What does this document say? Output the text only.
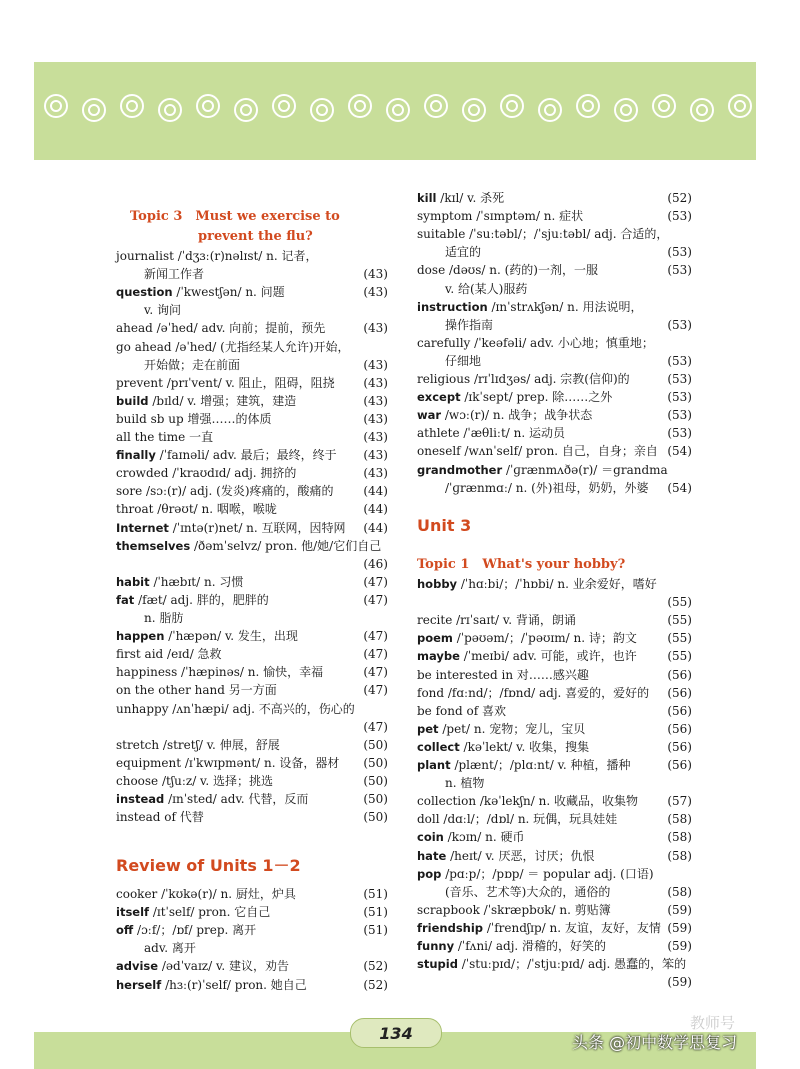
Topic 3　Must we exercise to
prevent the flu?
journalist /ˈdʒɜː(r)nəlɪst/ n. 记者，
新闻工作者	(43)
question /ˈkwestʃən/ n. 问题	(43)
v. 询问
ahead /əˈhed/ adv. 向前；提前，预先	(43)
go ahead /əˈhed/ (尤指经某人允许)开始，
开始做；走在前面	(43)
prevent /prɪˈvent/ v. 阻止，阻碍，阻挠 (43)
build /bɪld/ v. 增强；建筑，建造	(43)
build sb up 增强……的体质	(43)
all the time 一直	(43)
finally /ˈfaɪnəli/ adv. 最后；最终，终于 (43)
crowded /ˈkraʊdɪd/ adj. 拥挤的	(43)
sore /sɔː(r)/ adj. (发炎)疼痛的，酸痛的 (44)
throat /θrəʊt/ n. 咽喉，喉咙	(44)
Internet /ˈɪntə(r)net/ n. 互联网，因特网 (44)
themselves /ðəmˈselvz/ pron. 他/她/它们自己
(46)
habit /ˈhæbɪt/ n. 习惯	(47)
fat /fæt/ adj. 胖的，肥胖的	(47)
n. 脂肪
happen /ˈhæpən/ v. 发生，出现	(47)
first aid /eɪd/ 急救	(47)
happiness /ˈhæpinəs/ n. 愉快，幸福	(47)
on the other hand 另一方面	(47)
unhappy /ʌnˈhæpi/ adj. 不高兴的，伤心的
(47)
stretch /stretʃ/ v. 伸展，舒展	(50)
equipment /ɪˈkwɪpmənt/ n. 设备，器材 (50)
choose /tʃuːz/ v. 选择；挑选	(50)
instead /ɪnˈsted/ adv. 代替，反而	(50)
instead of 代替	(50)
Review of Units 1－2
cooker /ˈkʊkə(r)/ n. 厨灶，炉具	(51)
itself /ɪtˈself/ pron. 它自己	(51)
off /ɔːf/；/ɒf/ prep. 离开	(51)
adv. 离开
advise /ədˈvaɪz/ v. 建议，劝告	(52)
herself /hɜː(r)ˈself/ pron. 她自己	(52)
kill /kɪl/ v. 杀死	(52)
symptom /ˈsɪmptəm/ n. 症状	(53)
suitable /ˈsuːtəbl/；/ˈsjuːtəbl/ adj. 合适的，
适宜的	(53)
dose /dəʊs/ n. (药的)一剂，一服	(53)
v. 给(某人)服药
instruction /ɪnˈstrʌkʃən/ n. 用法说明，
操作指南	(53)
carefully /ˈkeəfəli/ adv. 小心地；慎重地；
仔细地	(53)
religious /rɪˈlɪdʒəs/ adj. 宗教(信仰)的	(53)
except /ɪkˈsept/ prep. 除……之外	(53)
war /wɔː(r)/ n. 战争；战争状态	(53)
athlete /ˈæθliːt/ n. 运动员	(53)
oneself /wʌnˈself/ pron. 自己，自身；亲自 (54)
grandmother /ˈɡrænmʌðə(r)/ ＝grandma
/ˈɡrænmɑː/ n. (外)祖母，奶奶，外婆 (54)
Unit 3
Topic 1　What's your hobby?
hobby /ˈhɑːbi/；/ˈhɒbi/ n. 业余爱好，嗜好
(55)
recite /rɪˈsaɪt/ v. 背诵，朗诵	(55)
poem /ˈpəʊəm/；/ˈpəʊɪm/ n. 诗；韵文	(55)
maybe /ˈmeɪbi/ adv. 可能，或许，也许	(55)
be interested in 对……感兴趣	(56)
fond /fɑːnd/；/fɒnd/ adj. 喜爱的，爱好的 (56)
be fond of 喜欢	(56)
pet /pet/ n. 宠物；宠儿，宝贝	(56)
collect /kəˈlekt/ v. 收集，搜集	(56)
plant /plænt/；/plɑːnt/ v. 种植，播种	(56)
n. 植物
collection /kəˈlekʃn/ n. 收藏品，收集物 (57)
doll /dɑːl/；/dɒl/ n. 玩偶，玩具娃娃	(58)
coin /kɔɪn/ n. 硬币	(58)
hate /heɪt/ v. 厌恶，讨厌；仇恨	(58)
pop /pɑːp/；/pɒp/ ＝ popular adj. (口语)
(音乐、艺术等)大众的，通俗的	(58)
scrapbook /ˈskræpbʊk/ n. 剪贴簿	(59)
friendship /ˈfrendʃɪp/ n. 友谊，友好，友情 (59)
funny /ˈfʌni/ adj. 滑稽的，好笑的	(59)
stupid /ˈstuːpɪd/；/ˈstjuːpɪd/ adj. 愚蠢的，笨的
(59)
134
教师号
头条 @初中数学思复习
